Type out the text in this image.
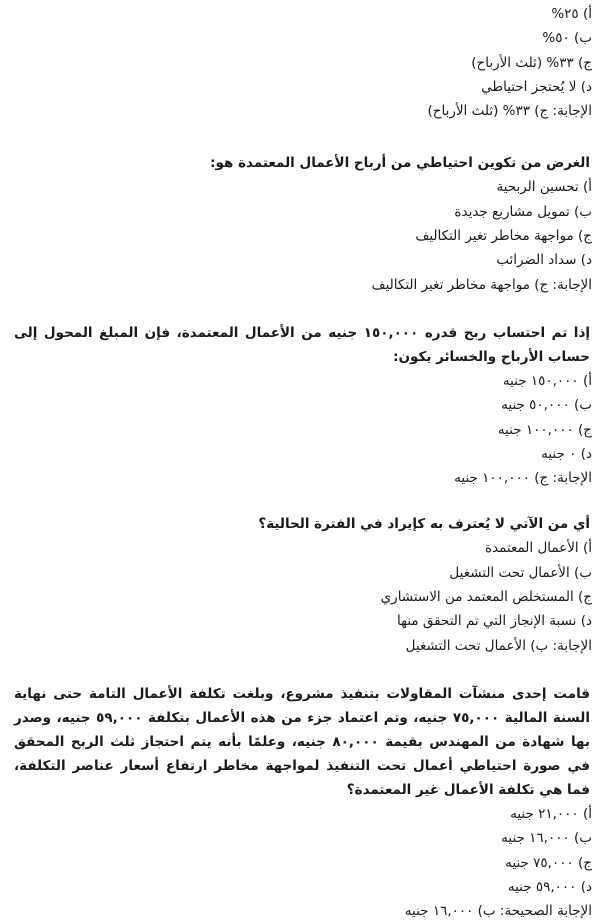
أ) ٢٥%

ب) ٥٠%

ج) ٣٣% (ثلث الأرباح)

د) لا يُحتجز احتياطي

الإجابة: ج) ٣٣% (ثلث الأرباح)

الغرض من تكوين احتياطي من أرباح الأعمال المعتمدة هو:

أ) تحسين الربحية

ب) تمويل مشاريع جديدة

ج) مواجهة مخاطر تغير التكاليف

د) سداد الضرائب

الإجابة: ج) مواجهة مخاطر تغير التكاليف

إذا تم احتساب ربح قدره ١٥٠,٠٠٠ جنيه من الأعمال المعتمدة، فإن المبلغ المحول إلى حساب الأرباح والخسائر يكون:

أ) ١٥٠,٠٠٠ جنيه

ب) ٥٠,٠٠٠ جنيه

ج) ١٠٠,٠٠٠ جنيه

د) ٠ جنيه

الإجابة: ج) ١٠٠,٠٠٠ جنيه

أي من الآتي لا يُعترف به كإيراد في الفترة الحالية؟

أ) الأعمال المعتمدة

ب) الأعمال تحت التشغيل

ج) المستخلص المعتمد من الاستشاري

د) نسبة الإنجاز التي تم التحقق منها

الإجابة: ب) الأعمال تحت التشغيل

قامت إحدى منشآت المقاولات بتنفيذ مشروع، وبلغت تكلفة الأعمال التامة حتى نهاية السنة المالية ٧٥,٠٠٠ جنيه، وتم اعتماد جزء من هذه الأعمال بتكلفة ٥٩,٠٠٠ جنيه، وصدر بها شهادة من المهندس بقيمة ٨٠,٠٠٠ جنيه، وعلمًا بأنه يتم احتجاز ثلث الربح المحقق في صورة احتياطي أعمال تحت التنفيذ لمواجهة مخاطر ارتفاع أسعار عناصر التكلفة، فما هي تكلفة الأعمال غير المعتمدة؟

أ) ٢١,٠٠٠ جنيه

ب) ١٦,٠٠٠ جنيه

ج) ٧٥,٠٠٠ جنيه

د) ٥٩,٠٠٠ جنيه

الإجابة الصحيحة: ب) ١٦,٠٠٠ جنيه
